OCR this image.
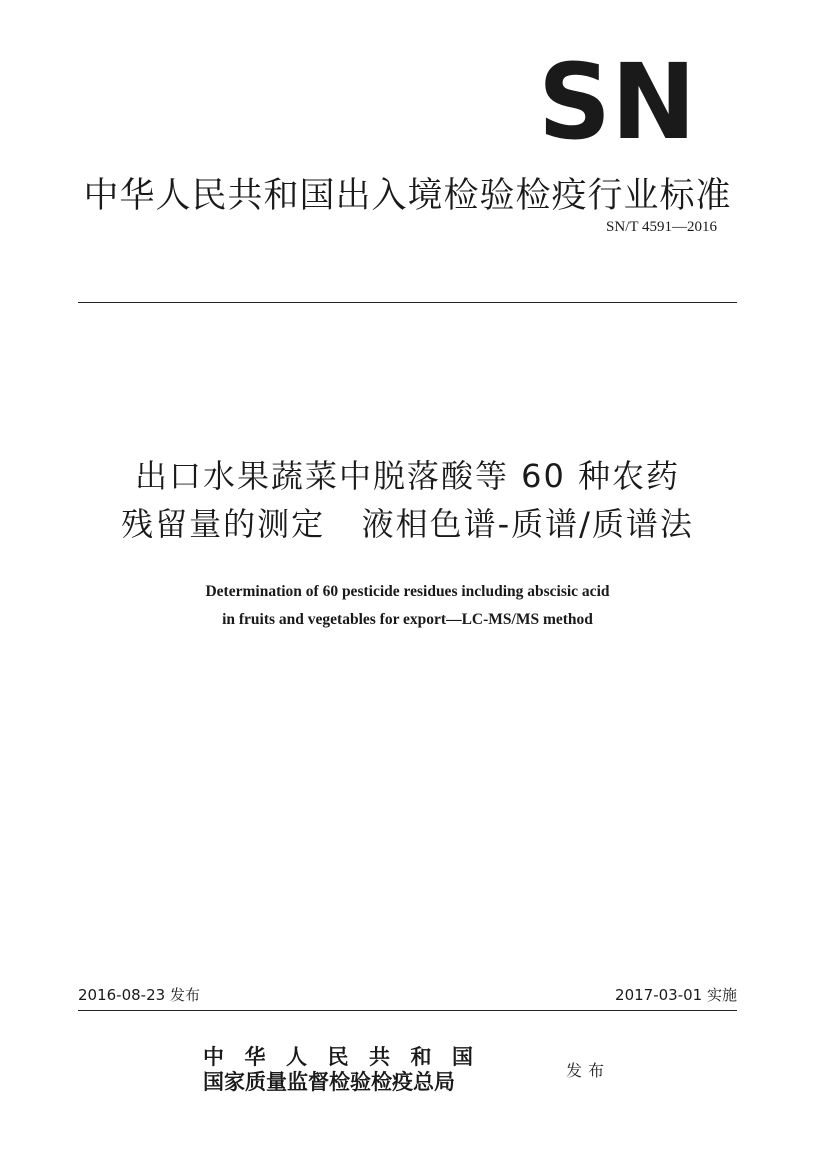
SN
中华人民共和国出入境检验检疫行业标准
SN/T 4591—2016
出口水果蔬菜中脱落酸等 60 种农药
残留量的测定   液相色谱-质谱/质谱法
Determination of 60 pesticide residues including abscisic acid
in fruits and vegetables for export—LC-MS/MS method
2016-08-23 发布	2017-03-01 实施
中华人民共和国
国家质量监督检验检疫总局	发布
